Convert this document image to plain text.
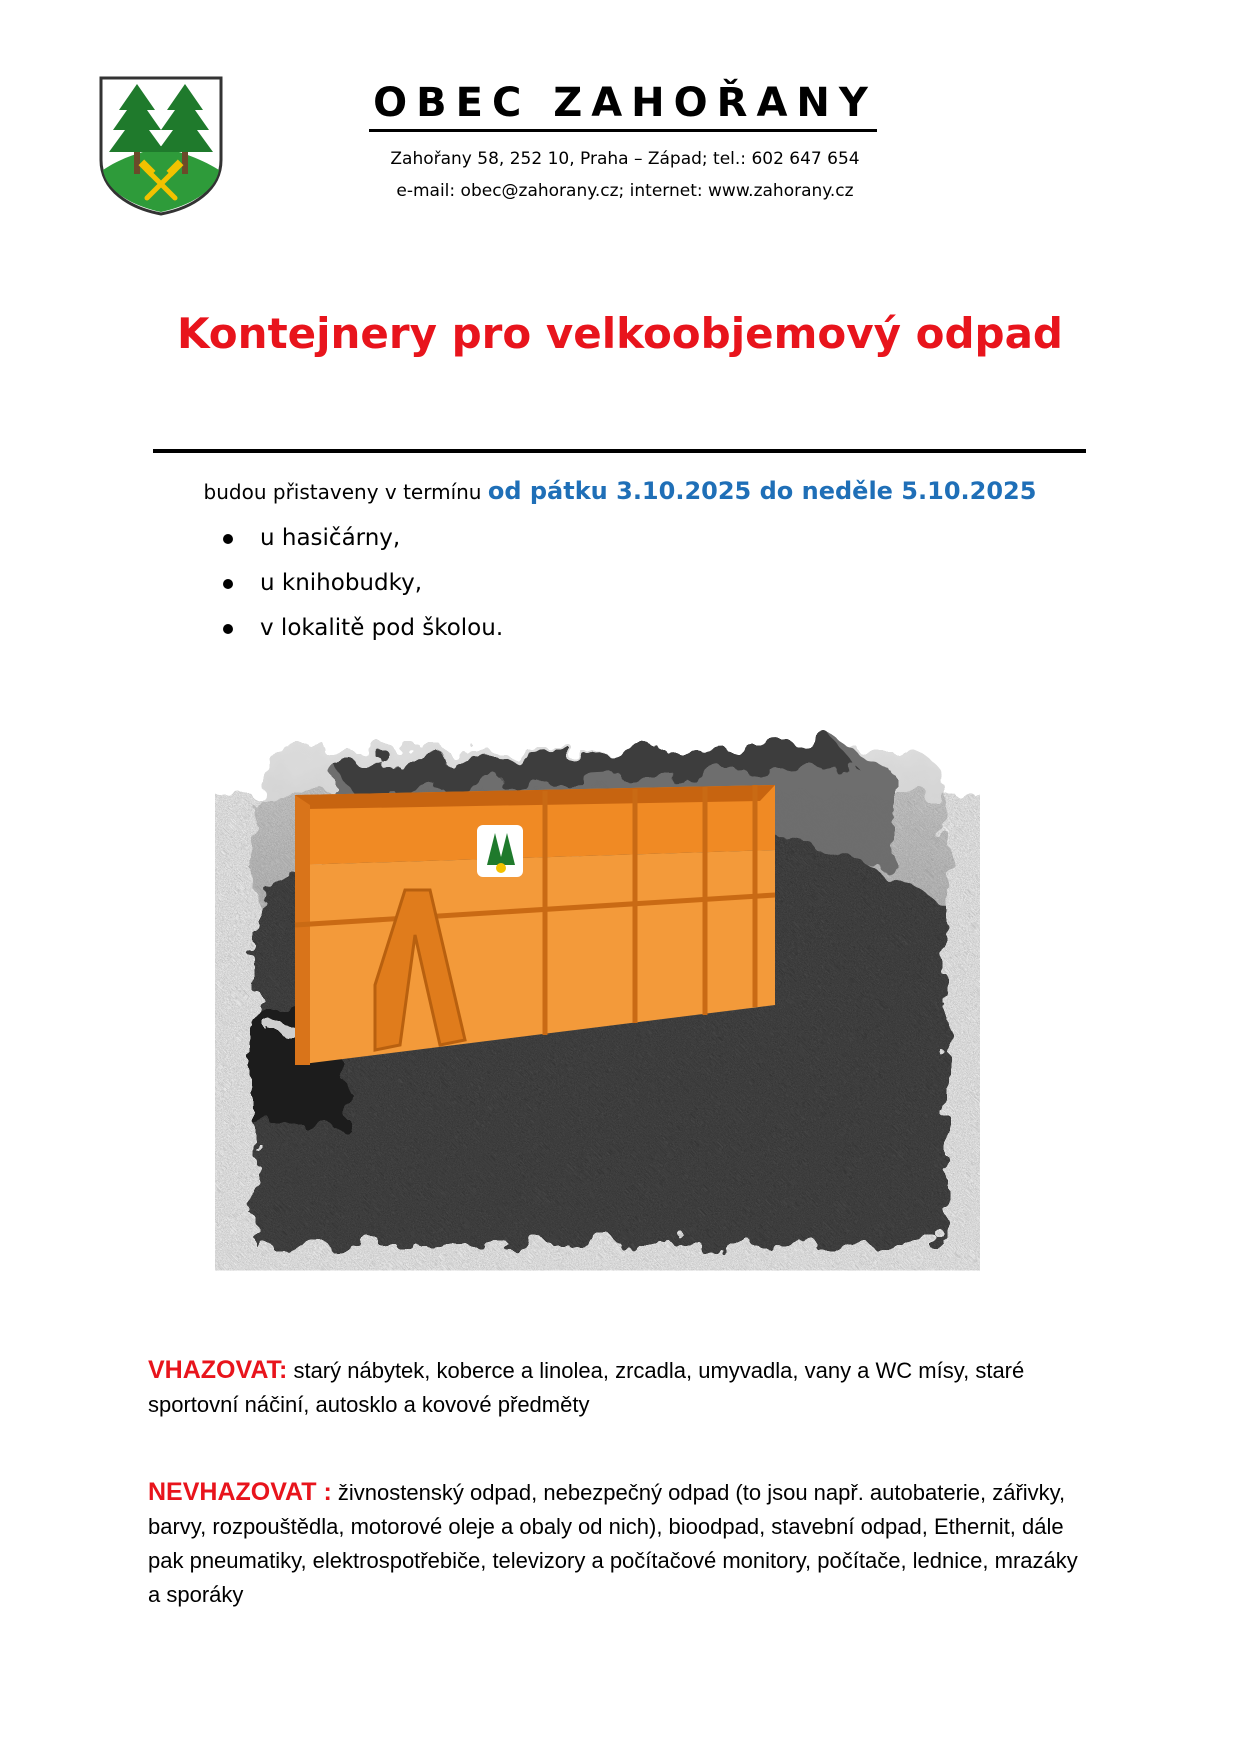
OBEC ZAHOŘANY
Zahořany 58, 252 10, Praha – Západ; tel.: 602 647 654
e-mail: obec@zahorany.cz; internet: www.zahorany.cz
Kontejnery pro velkoobjemový odpad
budou přistaveny v termínu od pátku 3.10.2025 do neděle 5.10.2025
u hasičárny,
u knihobudky,
v lokalitě pod školou.
VHAZOVAT: starý nábytek, koberce a linolea, zrcadla, umyvadla, vany a WC mísy, staré sportovní náčiní, autosklo a kovové předměty
NEVHAZOVAT : živnostenský odpad, nebezpečný odpad (to jsou např. autobaterie, zářivky, barvy, rozpouštědla, motorové oleje a obaly od nich), bioodpad, stavební odpad, Ethernit, dále pak pneumatiky, elektrospotřebiče, televizory a počítačové monitory, počítače, lednice, mrazáky a sporáky
